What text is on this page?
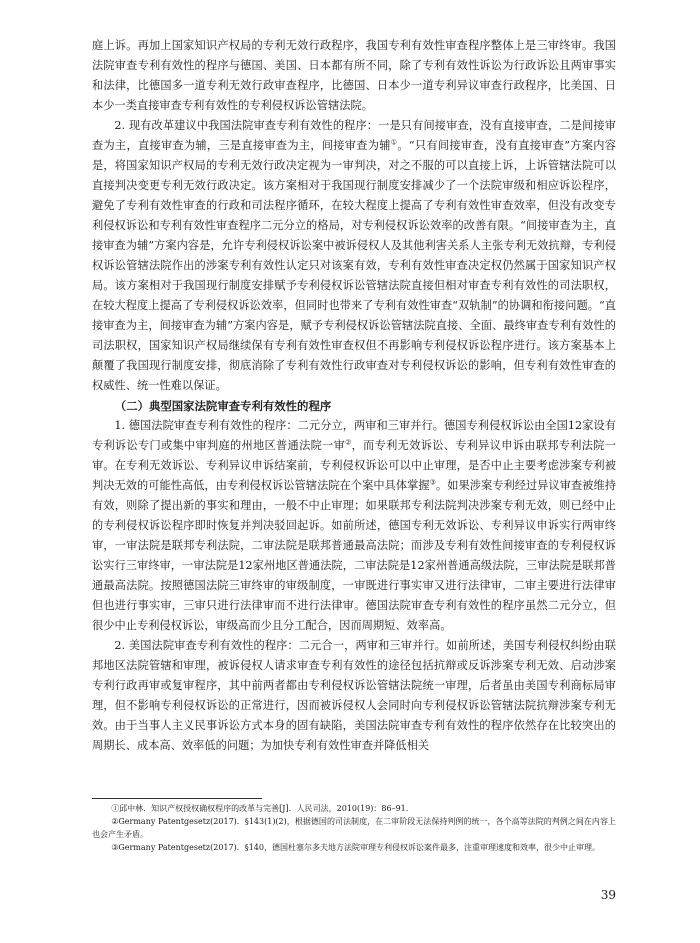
庭上诉。再加上国家知识产权局的专利无效行政程序，我国专利有效性审查程序整体上是三审终审。我国法院审查专利有效性的程序与德国、美国、日本都有所不同，除了专利有效性诉讼为行政诉讼且两审事实和法律，比德国多一道专利无效行政审查程序，比德国、日本少一道专利异议审查行政程序，比美国、日本少一类直接审查专利有效性的专利侵权诉讼管辖法院。

2. 现有改革建议中我国法院审查专利有效性的程序：一是只有间接审查，没有直接审查，二是间接审查为主，直接审查为辅，三是直接审查为主，间接审查为辅①。“只有间接审查，没有直接审查”方案内容是，将国家知识产权局的专利无效行政决定视为一审判决，对之不服的可以直接上诉，上诉管辖法院可以直接判决变更专利无效行政决定。该方案相对于我国现行制度安排减少了一个法院审级和相应诉讼程序，避免了专利有效性审查的行政和司法程序循环，在较大程度上提高了专利有效性审查效率，但没有改变专利侵权诉讼和专利有效性审查程序二元分立的格局，对专利侵权诉讼效率的改善有限。“间接审查为主，直接审查为辅”方案内容是，允许专利侵权诉讼案中被诉侵权人及其他利害关系人主张专利无效抗辩，专利侵权诉讼管辖法院作出的涉案专利有效性认定只对该案有效，专利有效性审查决定权仍然属于国家知识产权局。该方案相对于我国现行制度安排赋予专利侵权诉讼管辖法院直接但相对审查专利有效性的司法职权，在较大程度上提高了专利侵权诉讼效率，但同时也带来了专利有效性审查“双轨制”的协调和衔接问题。“直接审查为主，间接审查为辅”方案内容是，赋予专利侵权诉讼管辖法院直接、全面、最终审查专利有效性的司法职权，国家知识产权局继续保有专利有效性审查权但不再影响专利侵权诉讼程序进行。该方案基本上颠覆了我国现行制度安排，彻底消除了专利有效性行政审查对专利侵权诉讼的影响，但专利有效性审查的权威性、统一性难以保证。

（二）典型国家法院审查专利有效性的程序

1. 德国法院审查专利有效性的程序：二元分立，两审和三审并行。德国专利侵权诉讼由全国12家设有专利诉讼专门或集中审判庭的州地区普通法院一审②，而专利无效诉讼、专利异议申诉由联邦专利法院一审。在专利无效诉讼、专利异议申诉结案前，专利侵权诉讼可以中止审理，是否中止主要考虑涉案专利被判决无效的可能性高低，由专利侵权诉讼管辖法院在个案中具体掌握③。如果涉案专利经过异议审查被维持有效，则除了提出新的事实和理由，一般不中止审理；如果联邦专利法院判决涉案专利无效，则已经中止的专利侵权诉讼程序即时恢复并判决驳回起诉。如前所述，德国专利无效诉讼、专利异议申诉实行两审终审，一审法院是联邦专利法院，二审法院是联邦普通最高法院；而涉及专利有效性间接审查的专利侵权诉讼实行三审终审，一审法院是12家州地区普通法院，二审法院是12家州普通高级法院，三审法院是联邦普通最高法院。按照德国法院三审终审的审级制度，一审既进行事实审又进行法律审，二审主要进行法律审但也进行事实审，三审只进行法律审而不进行法律审。德国法院审查专利有效性的程序虽然二元分立，但很少中止专利侵权诉讼，审级高而少且分工配合，因而周期短、效率高。

2. 美国法院审查专利有效性的程序：二元合一，两审和三审并行。如前所述，美国专利侵权纠纷由联邦地区法院管辖和审理，被诉侵权人请求审查专利有效性的途径包括抗辩或反诉涉案专利无效、启动涉案专利行政再审或复审程序，其中前两者都由专利侵权诉讼管辖法院统一审理，后者虽由美国专利商标局审理，但不影响专利侵权诉讼的正常进行，因而被诉侵权人会同时向专利侵权诉讼管辖法院抗辩涉案专利无效。由于当事人主义民事诉讼方式本身的固有缺陷，美国法院审查专利有效性的程序依然存在比较突出的周期长、成本高、效率低的问题；为加快专利有效性审查并降低相关

①邱中林．知识产权授权确权程序的改革与完善[J]．人民司法，2010(19)：86–91．
②Germany Patentgesetz(2017)．§143(1)(2)，根据德国的司法制度，在二审阶段无法保持判例的统一，各个高等法院的判例之间在内容上也会产生矛盾。
③Germany Patentgesetz(2017)．§140，德国杜塞尔多夫地方法院审理专利侵权诉讼案件最多，注重审理速度和效率，很少中止审理。
39
